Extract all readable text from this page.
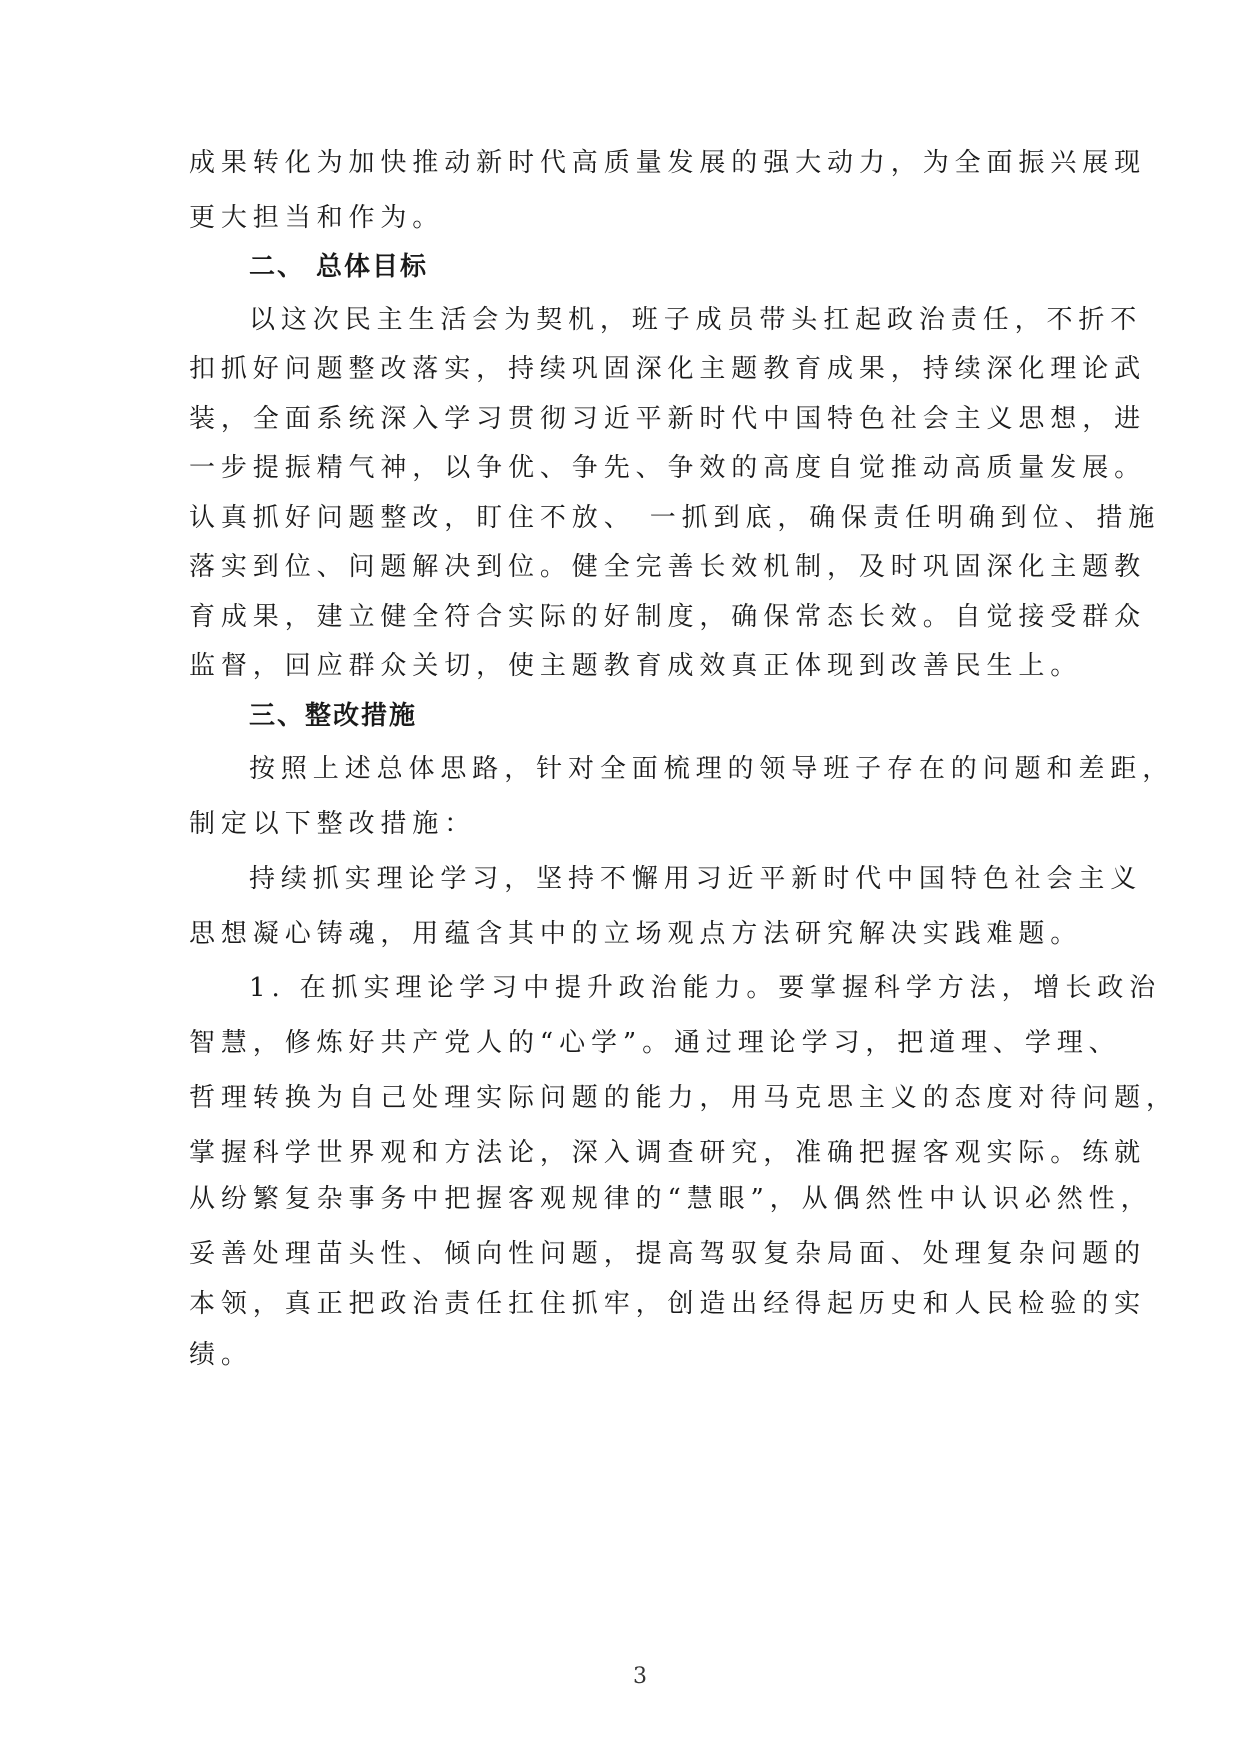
成果转化为加快推动新时代高质量发展的强大动力，为全面振兴展现

更大担当和作为。

二、 总体目标

以这次民主生活会为契机，班子成员带头扛起政治责任，不折不

扣抓好问题整改落实，持续巩固深化主题教育成果，持续深化理论武

装，全面系统深入学习贯彻习近平新时代中国特色社会主义思想，进

一步提振精气神，以争优、争先、争效的高度自觉推动高质量发展。

认真抓好问题整改，盯住不放、 一抓到底，确保责任明确到位、措施

落实到位、问题解决到位。健全完善长效机制，及时巩固深化主题教

育成果，建立健全符合实际的好制度，确保常态长效。自觉接受群众

监督，回应群众关切，使主题教育成效真正体现到改善民生上。

三、整改措施

按照上述总体思路，针对全面梳理的领导班子存在的问题和差距，

制定以下整改措施：

持续抓实理论学习，坚持不懈用习近平新时代中国特色社会主义

思想凝心铸魂，用蕴含其中的立场观点方法研究解决实践难题。

1. 在抓实理论学习中提升政治能力。要掌握科学方法，增长政治

智慧，修炼好共产党人的“心学”。通过理论学习，把道理、学理、

哲理转换为自己处理实际问题的能力，用马克思主义的态度对待问题，

掌握科学世界观和方法论，深入调查研究，准确把握客观实际。练就

从纷繁复杂事务中把握客观规律的“慧眼”，从偶然性中认识必然性，

妥善处理苗头性、倾向性问题，提高驾驭复杂局面、处理复杂问题的

本领，真正把政治责任扛住抓牢，创造出经得起历史和人民检验的实

绩。

3
